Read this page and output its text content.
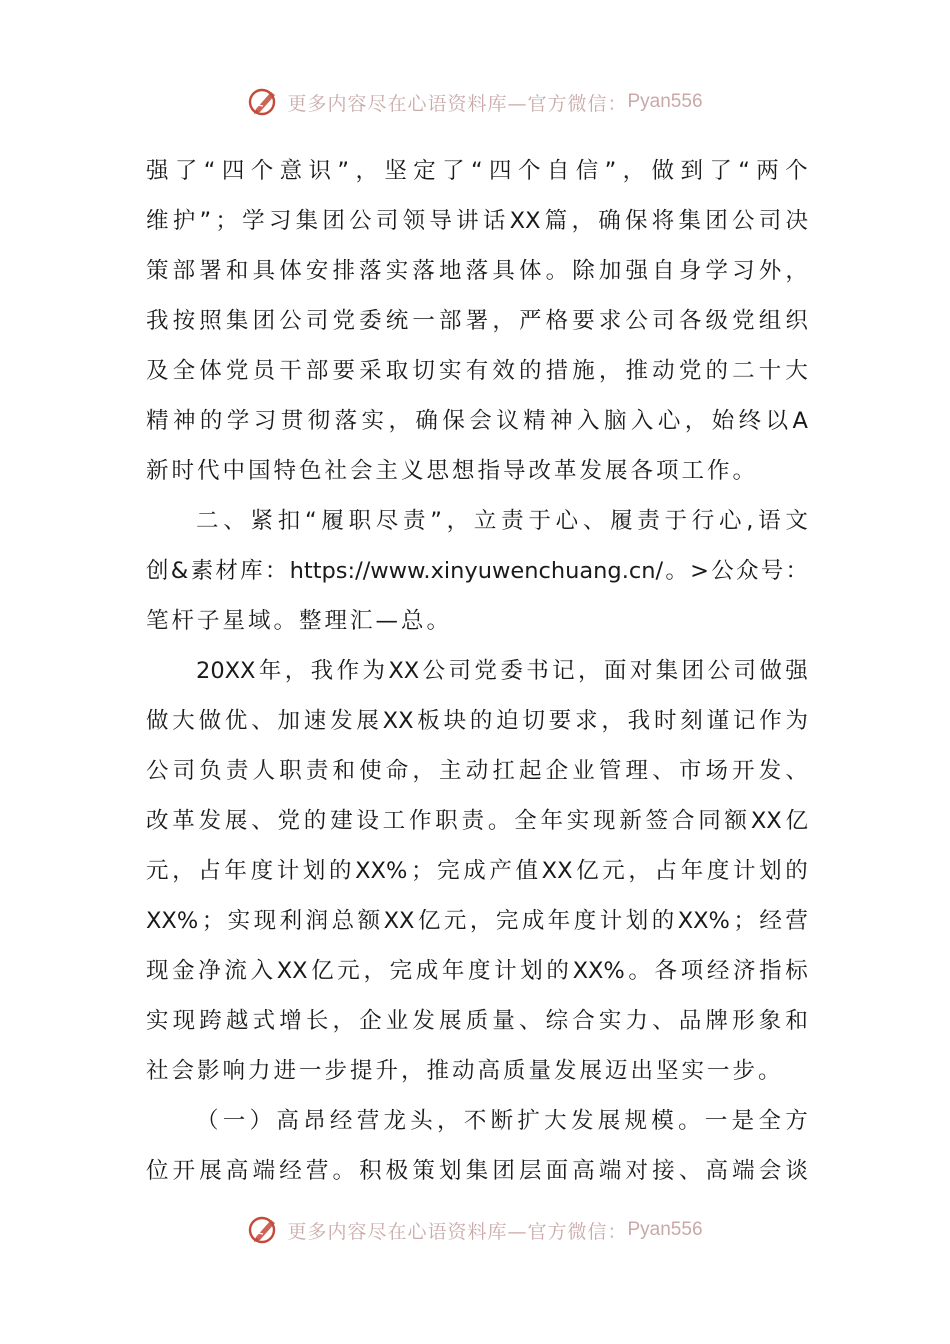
更多内容尽在心语资料库—官方微信： Pyan556
强 了 “ 四 个 意 识 ” ， 坚 定 了 “ 四 个 自 信 ” ， 做 到 了 “ 两 个
维 护 ” ； 学 习 集 团 公 司 领 导 讲 话 XX 篇 ， 确 保 将 集 团 公 司 决
策 部 署 和 具 体 安 排 落 实 落 地 落 具 体 。 除 加 强 自 身 学 习 外 ，
我 按 照 集 团 公 司 党 委 统 一 部 署 ， 严 格 要 求 公 司 各 级 党 组 织
及 全 体 党 员 干 部 要 采 取 切 实 有 效 的 措 施 ， 推 动 党 的 二 十 大
精 神 的 学 习 贯 彻 落 实 ， 确 保 会 议 精 神 入 脑 入 心 ， 始 终 以 A
新时代中国特色社会主义思想指导改革发展各项工作。
二 、 紧 扣 “ 履 职 尽 责 ” ， 立 责 于 心 、 履 责 于 行 心 , 语 文
创 & 素 材 库 ： https://www.xinyuwenchuang.cn/ 。 > 公 众 号 ：
笔杆子星域。整理汇—总。
20XX 年 ， 我 作 为 XX 公 司 党 委 书 记 ， 面 对 集 团 公 司 做 强
做 大 做 优 、 加 速 发 展 XX 板 块 的 迫 切 要 求 ， 我 时 刻 谨 记 作 为
公 司 负 责 人 职 责 和 使 命 ， 主 动 扛 起 企 业 管 理 、 市 场 开 发 、
改 革 发 展 、 党 的 建 设 工 作 职 责 。 全 年 实 现 新 签 合 同 额 XX 亿
元 ， 占 年 度 计 划 的 XX% ； 完 成 产 值 XX 亿 元 ， 占 年 度 计 划 的
XX% ； 实 现 利 润 总 额 XX 亿 元 ， 完 成 年 度 计 划 的 XX% ； 经 营
现 金 净 流 入 XX 亿 元 ， 完 成 年 度 计 划 的 XX% 。 各 项 经 济 指 标
实 现 跨 越 式 增 长 ， 企 业 发 展 质 量 、 综 合 实 力 、 品 牌 形 象 和
社会影响力进一步提升，推动高质量发展迈出坚实一步。
（ 一 ） 高 昂 经 营 龙 头 ， 不 断 扩 大 发 展 规 模 。 一 是 全 方
位 开 展 高 端 经 营 。 积 极 策 划 集 团 层 面 高 端 对 接 、 高 端 会 谈
更多内容尽在心语资料库—官方微信： Pyan556
